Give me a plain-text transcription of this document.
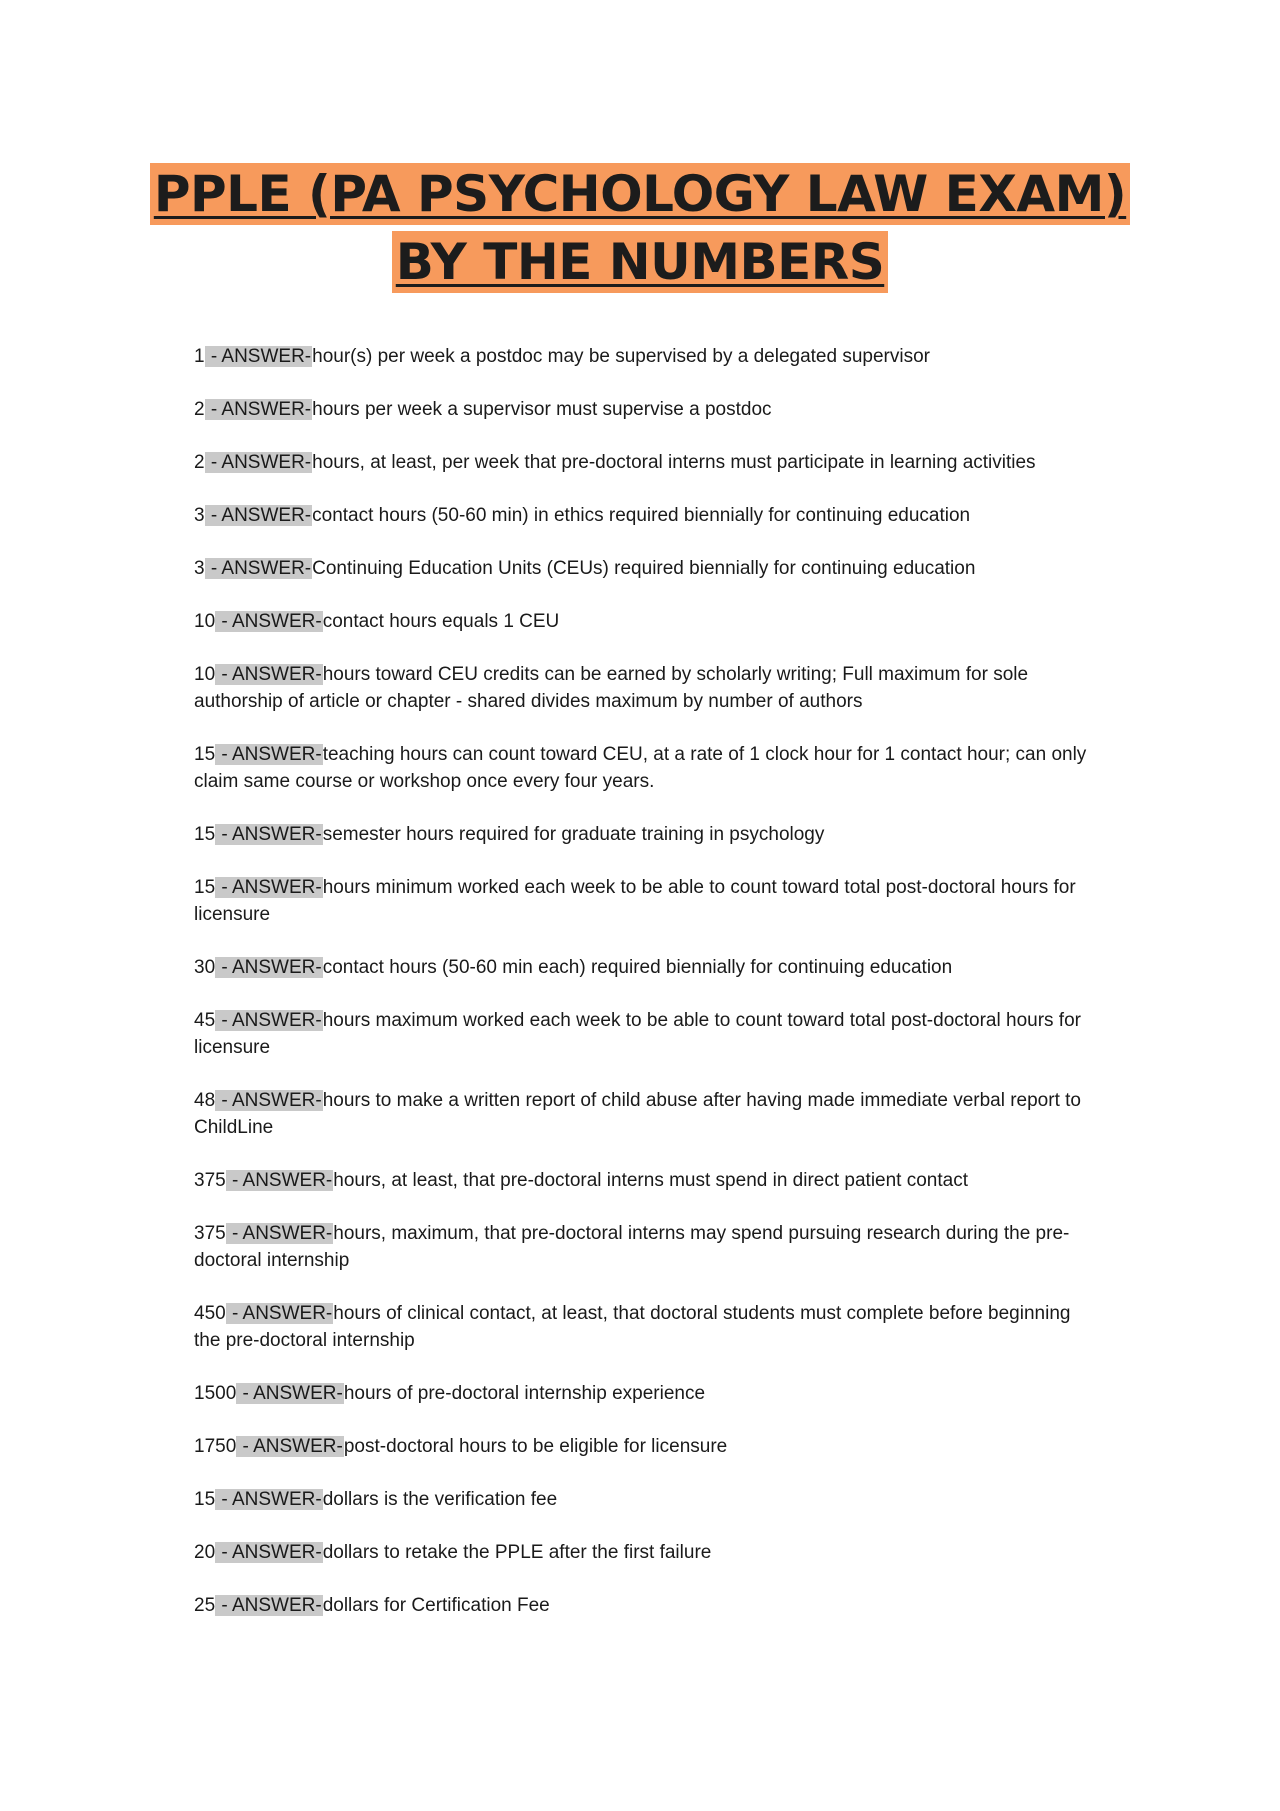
PPLE (PA PSYCHOLOGY LAW EXAM)
BY THE NUMBERS
1 - ANSWER-hour(s) per week a postdoc may be supervised by a delegated supervisor
2 - ANSWER-hours per week a supervisor must supervise a postdoc
2 - ANSWER-hours, at least, per week that pre-doctoral interns must participate in learning activities
3 - ANSWER-contact hours (50-60 min) in ethics required biennially for continuing education
3 - ANSWER-Continuing Education Units (CEUs) required biennially for continuing education
10 - ANSWER-contact hours equals 1 CEU
10 - ANSWER-hours toward CEU credits can be earned by scholarly writing; Full maximum for sole authorship of article or chapter - shared divides maximum by number of authors
15 - ANSWER-teaching hours can count toward CEU, at a rate of 1 clock hour for 1 contact hour; can only claim same course or workshop once every four years.
15 - ANSWER-semester hours required for graduate training in psychology
15 - ANSWER-hours minimum worked each week to be able to count toward total post-doctoral hours for licensure
30 - ANSWER-contact hours (50-60 min each) required biennially for continuing education
45 - ANSWER-hours maximum worked each week to be able to count toward total post-doctoral hours for licensure
48 - ANSWER-hours to make a written report of child abuse after having made immediate verbal report to ChildLine
375 - ANSWER-hours, at least, that pre-doctoral interns must spend in direct patient contact
375 - ANSWER-hours, maximum, that pre-doctoral interns may spend pursuing research during the pre-doctoral internship
450 - ANSWER-hours of clinical contact, at least, that doctoral students must complete before beginning the pre-doctoral internship
1500 - ANSWER-hours of pre-doctoral internship experience
1750 - ANSWER-post-doctoral hours to be eligible for licensure
15 - ANSWER-dollars is the verification fee
20 - ANSWER-dollars to retake the PPLE after the first failure
25 - ANSWER-dollars for Certification Fee
